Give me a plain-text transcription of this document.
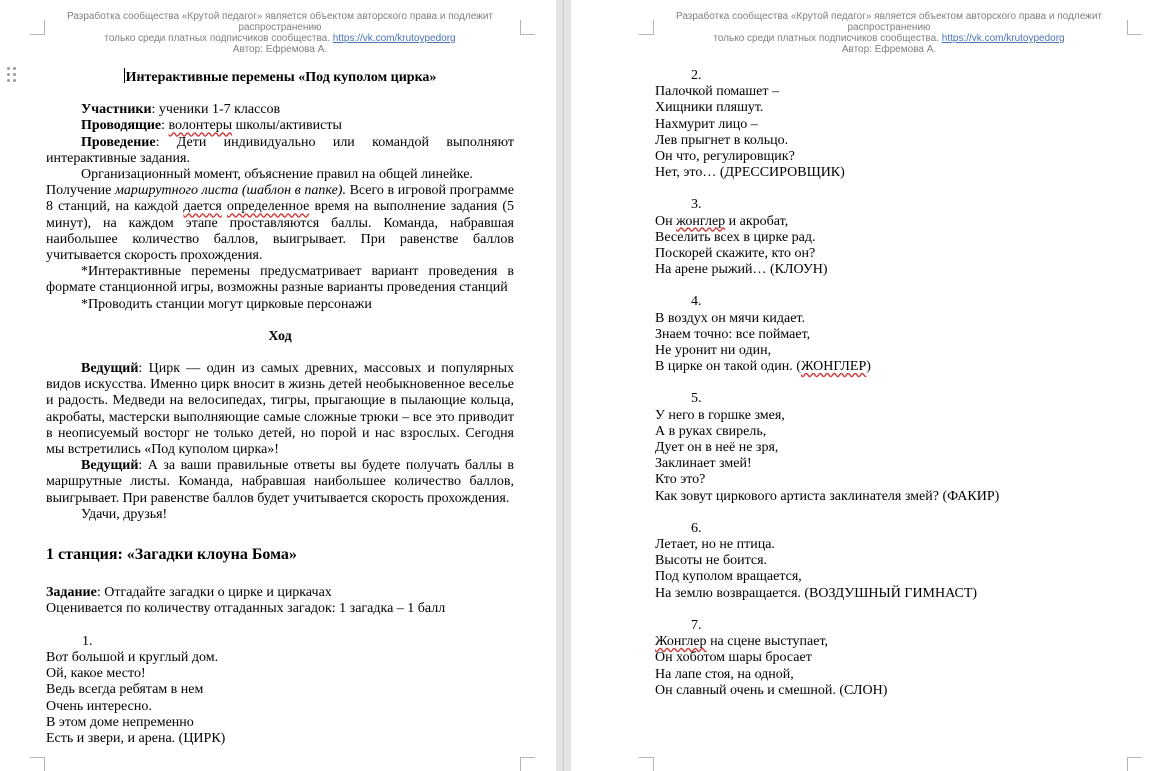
Разработка сообщества «Крутой педагог» является объектом авторского права и подлежит распространению
только среди платных подписчиков сообщества. https://vk.com/krutoypedorg
Автор: Ефремова А.

Интерактивные перемены «Под куполом цирка»

Участники: ученики 1-7 классов

Проводящие: волонтеры школы/активисты

Проведение: Дети индивидуально или командой выполняют интерактивные задания.

Организационный момент, объяснение правил на общей линейке.

Получение маршрутного листа (шаблон в папке). Всего в игровой программе 8 станций, на каждой дается определенное время на выполнение задания (5 минут), на каждом этапе проставляются баллы. Команда, набравшая наибольшее количество баллов, выигрывает. При равенстве баллов учитывается скорость прохождения.

*Интерактивные перемены предусматривает вариант проведения в формате станционной игры, возможны разные варианты проведения станций

*Проводить станции могут цирковые персонажи

Ход

Ведущий: Цирк — один из самых древних, массовых и популярных видов искусства. Именно цирк вносит в жизнь детей необыкновенное веселье и радость. Медведи на велосипедах, тигры, прыгающие в пылающие кольца, акробаты, мастерски выполняющие самые сложные трюки – все это приводит в неописуемый восторг не только детей, но порой и нас взрослых. Сегодня мы встретились «Под куполом цирка»!

Ведущий: А за ваши правильные ответы вы будете получать баллы в маршрутные листы. Команда, набравшая наибольшее количество баллов, выигрывает. При равенстве баллов будет учитывается скорость прохождения.

Удачи, друзья!

1 станция: «Загадки клоуна Бома»

Задание: Отгадайте загадки о цирке и циркачах

Оценивается по количеству отгаданных загадок: 1 загадка – 1 балл

1.

Вот большой и круглый дом.

Ой, какое место!

Ведь всегда ребятам в нем

Очень интересно.

В этом доме непременно

Есть и звери, и арена. (ЦИРК)

Разработка сообщества «Крутой педагог» является объектом авторского права и подлежит распространению
только среди платных подписчиков сообщества. https://vk.com/krutoypedorg
Автор: Ефремова А.

2.

Палочкой помашет –

Хищники пляшут.

Нахмурит лицо –

Лев прыгнет в кольцо.

Он что, регулировщик?

Нет, это… (ДРЕССИРОВЩИК)

3.

Он жонглер и акробат,

Веселить всех в цирке рад.

Поскорей скажите, кто он?

На арене рыжий… (КЛОУН)

4.

В воздух он мячи кидает.

Знаем точно: все поймает,

Не уронит ни один,

В цирке он такой один. (ЖОНГЛЕР)

5.

У него в горшке змея,

А в руках свирель,

Дует он в неё не зря,

Заклинает змей!

Кто это?

Как зовут циркового артиста заклинателя змей? (ФАКИР)

6.

Летает, но не птица.

Высоты не боится.

Под куполом вращается,

На землю возвращается. (ВОЗДУШНЫЙ ГИМНАСТ)

7.

Жонглер на сцене выступает,

Он хоботом шары бросает

На лапе стоя, на одной,

Он славный очень и смешной. (СЛОН)
